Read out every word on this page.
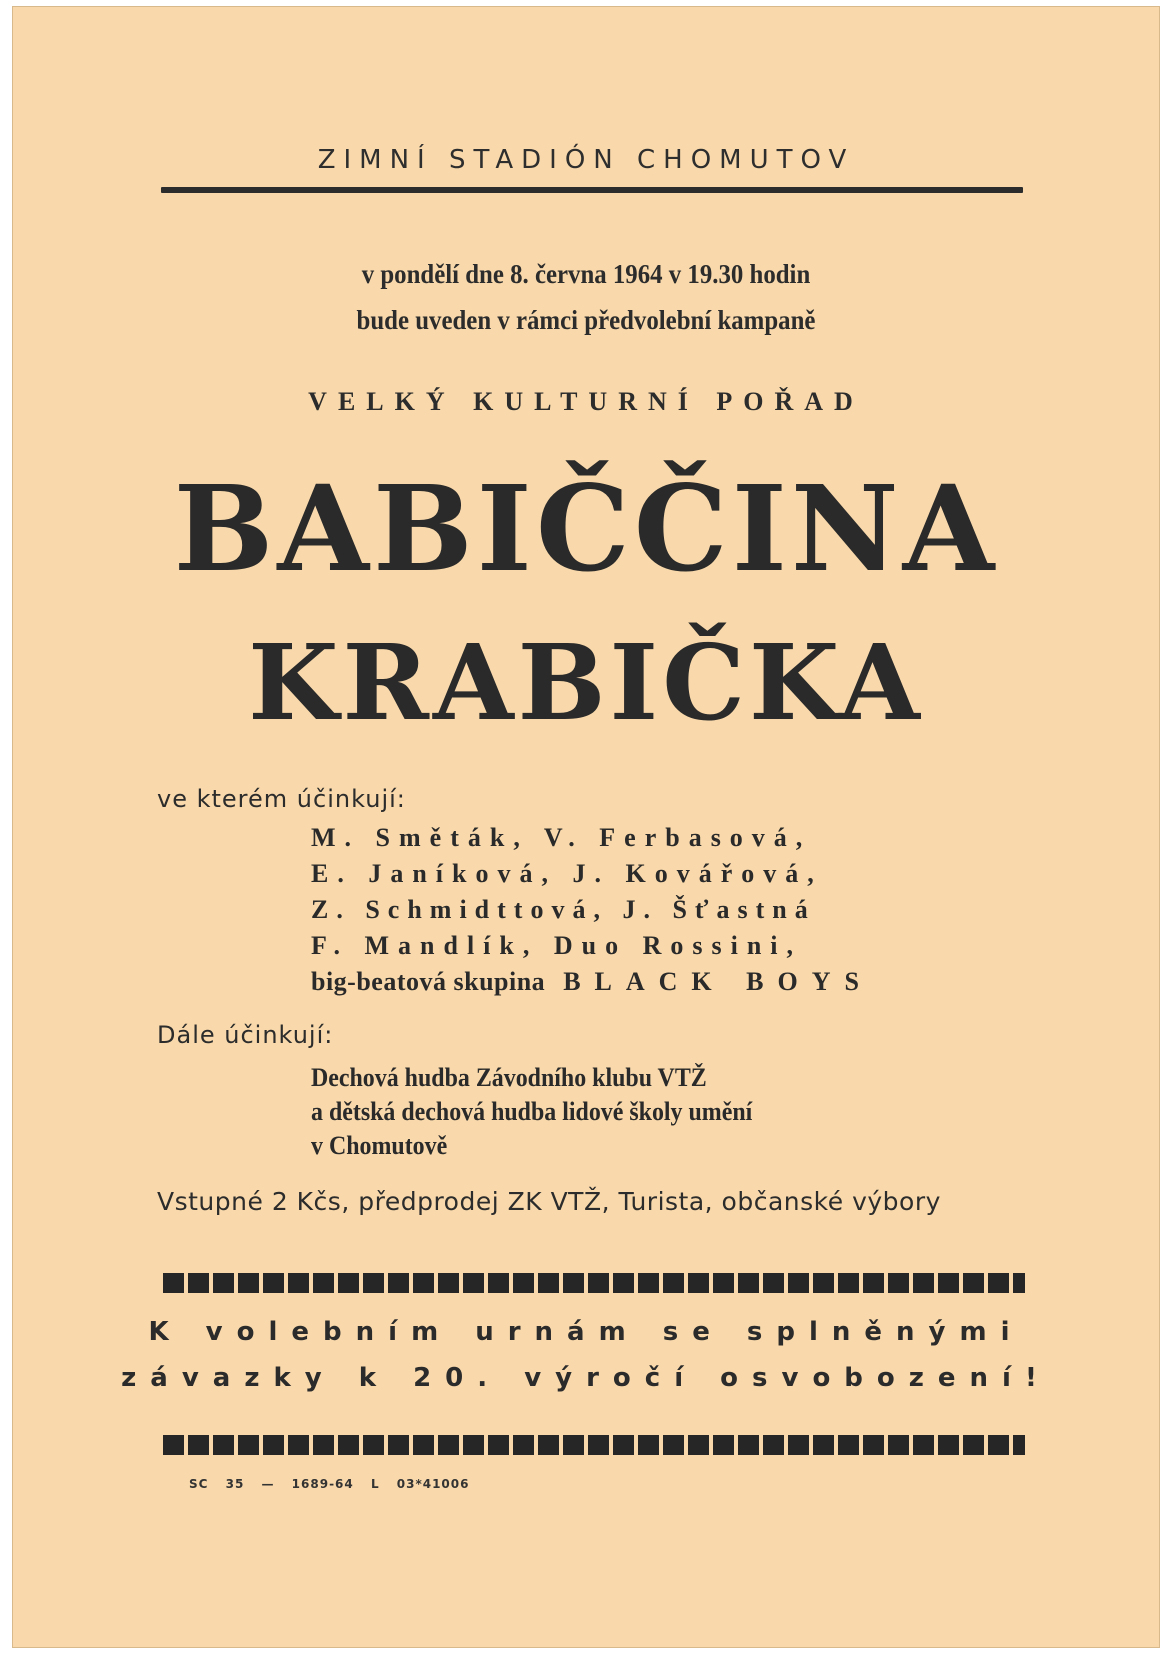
ZIMNÍ STADIÓN CHOMUTOV
v pondělí dne 8. června 1964 v 19.30 hodin
bude uveden v rámci předvolební kampaně
VELKÝ KULTURNÍ POŘAD
BABIČČINA
KRABIČKA
ve kterém účinkují:
M. Směták, V. Ferbasová,
E. Janíková, J. Kovářová,
Z. Schmidttová, J. Šťastná
F. Mandlík, Duo Rossini,
big-beatová skupina BLACK BOYS
Dále účinkují:
Dechová hudba Závodního klubu VTŽ
a dětská dechová hudba lidové školy umění
v Chomutově
Vstupné 2 Kčs, předprodej ZK VTŽ, Turista, občanské výbory
K volebním urnám se splněnými
závazky k 20. výročí osvobození!
SC 35 — 1689-64 L 03*41006
